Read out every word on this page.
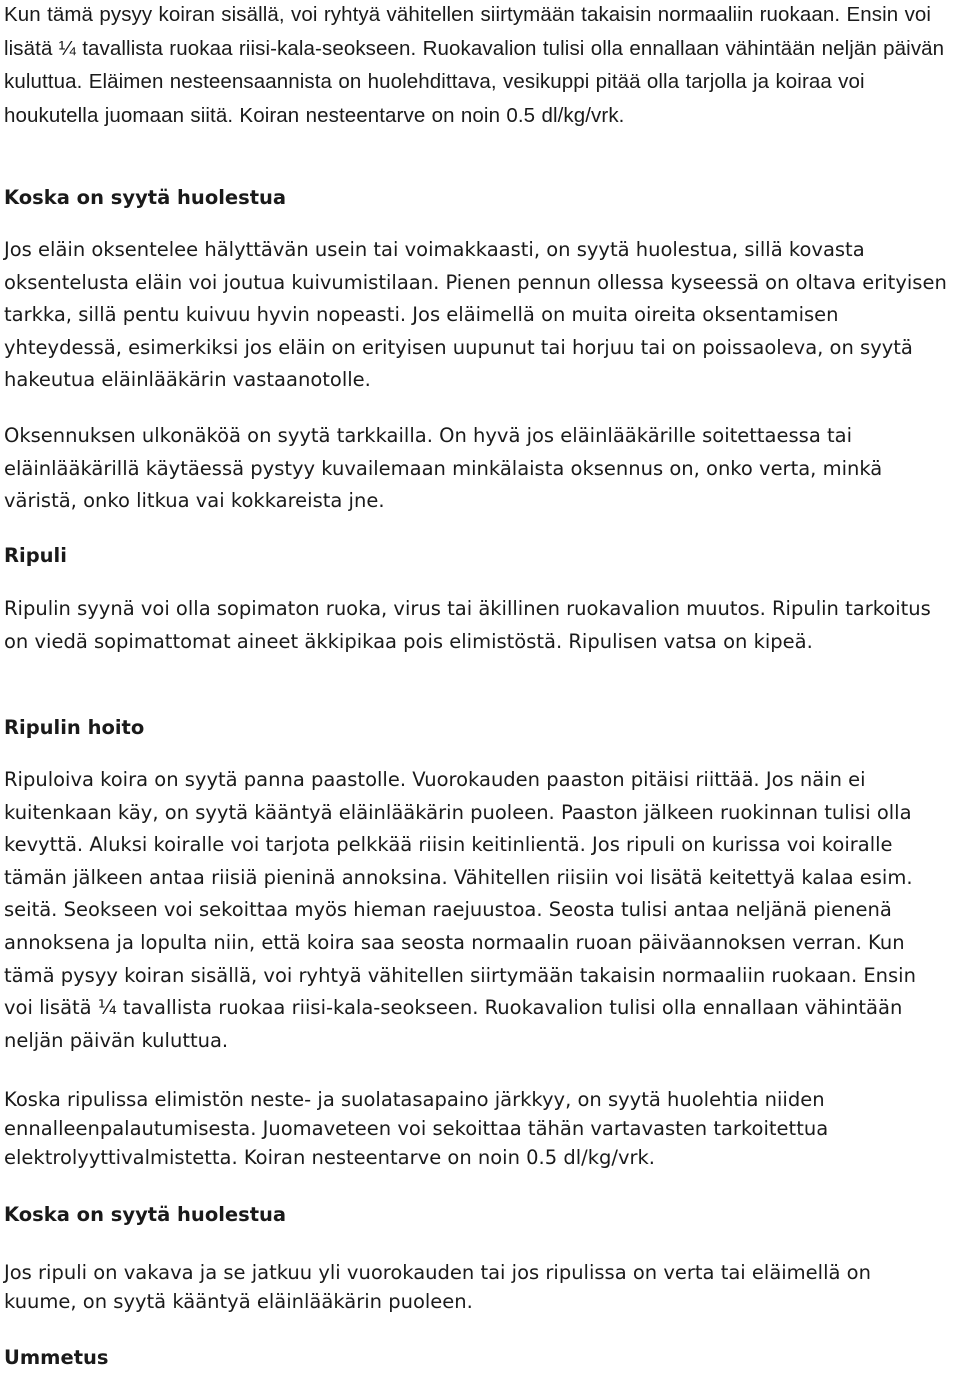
Kun tämä pysyy koiran sisällä, voi ryhtyä vähitellen siirtymään takaisin normaaliin ruokaan. Ensin voi lisätä ¼ tavallista ruokaa riisi-kala-seokseen. Ruokavalion tulisi olla ennallaan vähintään neljän päivän kuluttua. Eläimen nesteensaannista on huolehdittava, vesikuppi pitää olla tarjolla ja koiraa voi houkutella juomaan siitä. Koiran nesteentarve on noin 0.5 dl/kg/vrk.

Koska on syytä huolestua

Jos eläin oksentelee hälyttävän usein tai voimakkaasti, on syytä huolestua, sillä kovasta oksentelusta eläin voi joutua kuivumistilaan. Pienen pennun ollessa kyseessä on oltava erityisen tarkka, sillä pentu kuivuu hyvin nopeasti. Jos eläimellä on muita oireita oksentamisen yhteydessä, esimerkiksi jos eläin on erityisen uupunut tai horjuu tai on poissaoleva, on syytä hakeutua eläinlääkärin vastaanotolle.

Oksennuksen ulkonäköä on syytä tarkkailla. On hyvä jos eläinlääkärille soitettaessa tai eläinlääkärillä käytäessä pystyy kuvailemaan minkälaista oksennus on, onko verta, minkä väristä, onko litkua vai kokkareista jne.

Ripuli

Ripulin syynä voi olla sopimaton ruoka, virus tai äkillinen ruokavalion muutos. Ripulin tarkoitus on viedä sopimattomat aineet äkkipikaa pois elimistöstä. Ripulisen vatsa on kipeä.

Ripulin hoito

Ripuloiva koira on syytä panna paastolle. Vuorokauden paaston pitäisi riittää. Jos näin ei kuitenkaan käy, on syytä kääntyä eläinlääkärin puoleen. Paaston jälkeen ruokinnan tulisi olla kevyttä. Aluksi koiralle voi tarjota pelkkää riisin keitinlientä. Jos ripuli on kurissa voi koiralle tämän jälkeen antaa riisiä pieninä annoksina. Vähitellen riisiin voi lisätä keitettyä kalaa esim. seitä. Seokseen voi sekoittaa myös hieman raejuustoa. Seosta tulisi antaa neljänä pienenä annoksena ja lopulta niin, että koira saa seosta normaalin ruoan päiväannoksen verran. Kun tämä pysyy koiran sisällä, voi ryhtyä vähitellen siirtymään takaisin normaaliin ruokaan. Ensin voi lisätä ¼ tavallista ruokaa riisi-kala-seokseen. Ruokavalion tulisi olla ennallaan vähintään neljän päivän kuluttua.

Koska ripulissa elimistön neste- ja suolatasapaino järkkyy, on syytä huolehtia niiden ennalleenpalautumisesta. Juomaveteen voi sekoittaa tähän vartavasten tarkoitettua elektrolyyttivalmistetta. Koiran nesteentarve on noin 0.5 dl/kg/vrk.

Koska on syytä huolestua

Jos ripuli on vakava ja se jatkuu yli vuorokauden tai jos ripulissa on verta tai eläimellä on kuume, on syytä kääntyä eläinlääkärin puoleen.

Ummetus
